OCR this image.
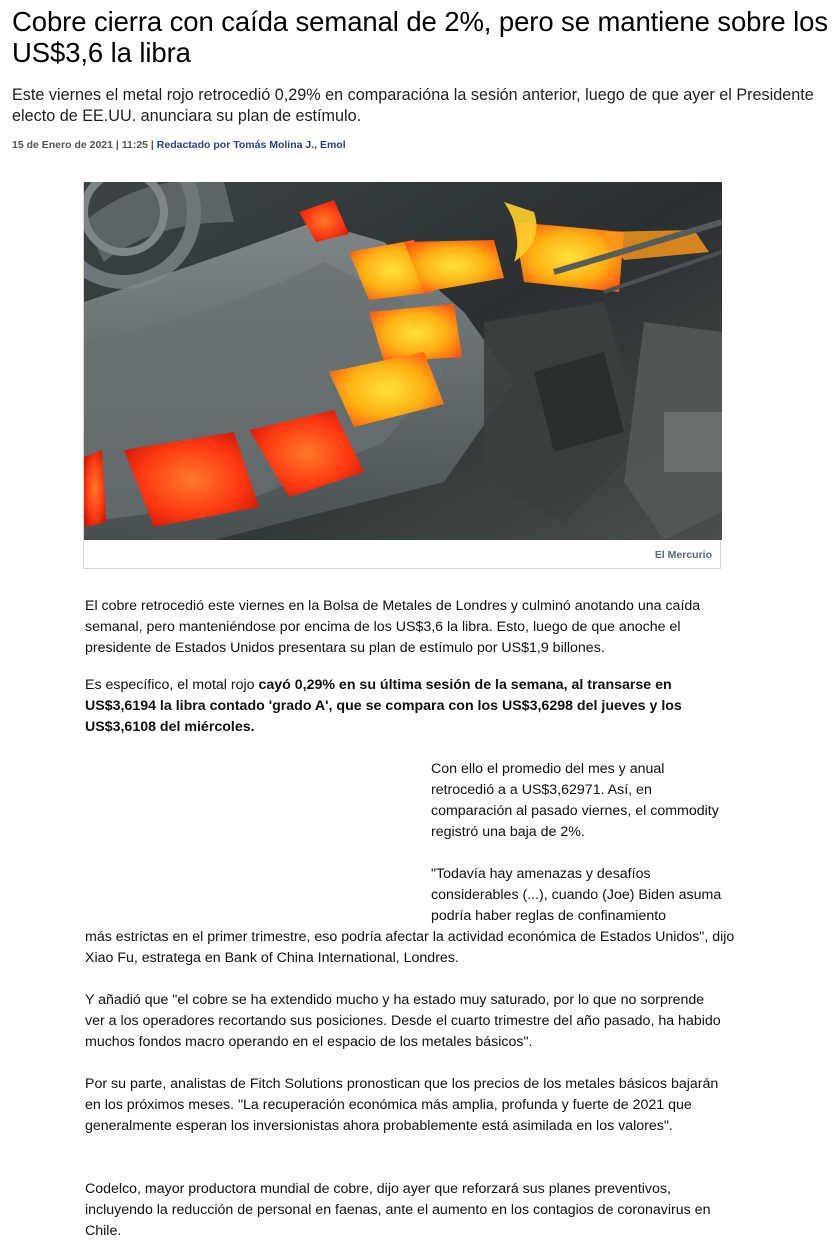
Cobre cierra con caída semanal de 2%, pero se mantiene sobre los US$3,6 la libra

Este viernes el metal rojo retrocedió 0,29% en comparacióna la sesión anterior, luego de que ayer el Presidente electo de EE.UU. anunciara su plan de estímulo.

15 de Enero de 2021 | 11:25 | Redactado por Tomás Molina J., Emol
El Mercurio

El cobre retrocedió este viernes en la Bolsa de Metales de Londres y culminó anotando una caída semanal, pero manteniéndose por encima de los US$3,6 la libra. Esto, luego de que anoche el presidente de Estados Unidos presentara su plan de estímulo por US$1,9 billones.

Es específico, el motal rojo cayó 0,29% en su última sesión de la semana, al transarse en US$3,6194 la libra contado 'grado A', que se compara con los US$3,6298 del jueves y los US$3,6108 del miércoles.

Con ello el promedio del mes y anual retrocedió a a US$3,62971. Así, en comparación al pasado viernes, el commodity registró una baja de 2%.

"Todavía hay amenazas y desafíos considerables (...), cuando (Joe) Biden asuma podría haber reglas de confinamiento

más estrictas en el primer trimestre, eso podría afectar la actividad económica de Estados Unidos", dijo Xiao Fu, estratega en Bank of China International, Londres.

Y añadió que "el cobre se ha extendido mucho y ha estado muy saturado, por lo que no sorprende ver a los operadores recortando sus posiciones. Desde el cuarto trimestre del año pasado, ha habido muchos fondos macro operando en el espacio de los metales básicos".

Por su parte, analistas de Fitch Solutions pronostican que los precios de los metales básicos bajarán en los próximos meses. "La recuperación económica más amplia, profunda y fuerte de 2021 que generalmente esperan los inversionistas ahora probablemente está asimilada en los valores".

Codelco, mayor productora mundial de cobre, dijo ayer que reforzará sus planes preventivos, incluyendo la reducción de personal en faenas, ante el aumento en los contagios de coronavirus en Chile.
